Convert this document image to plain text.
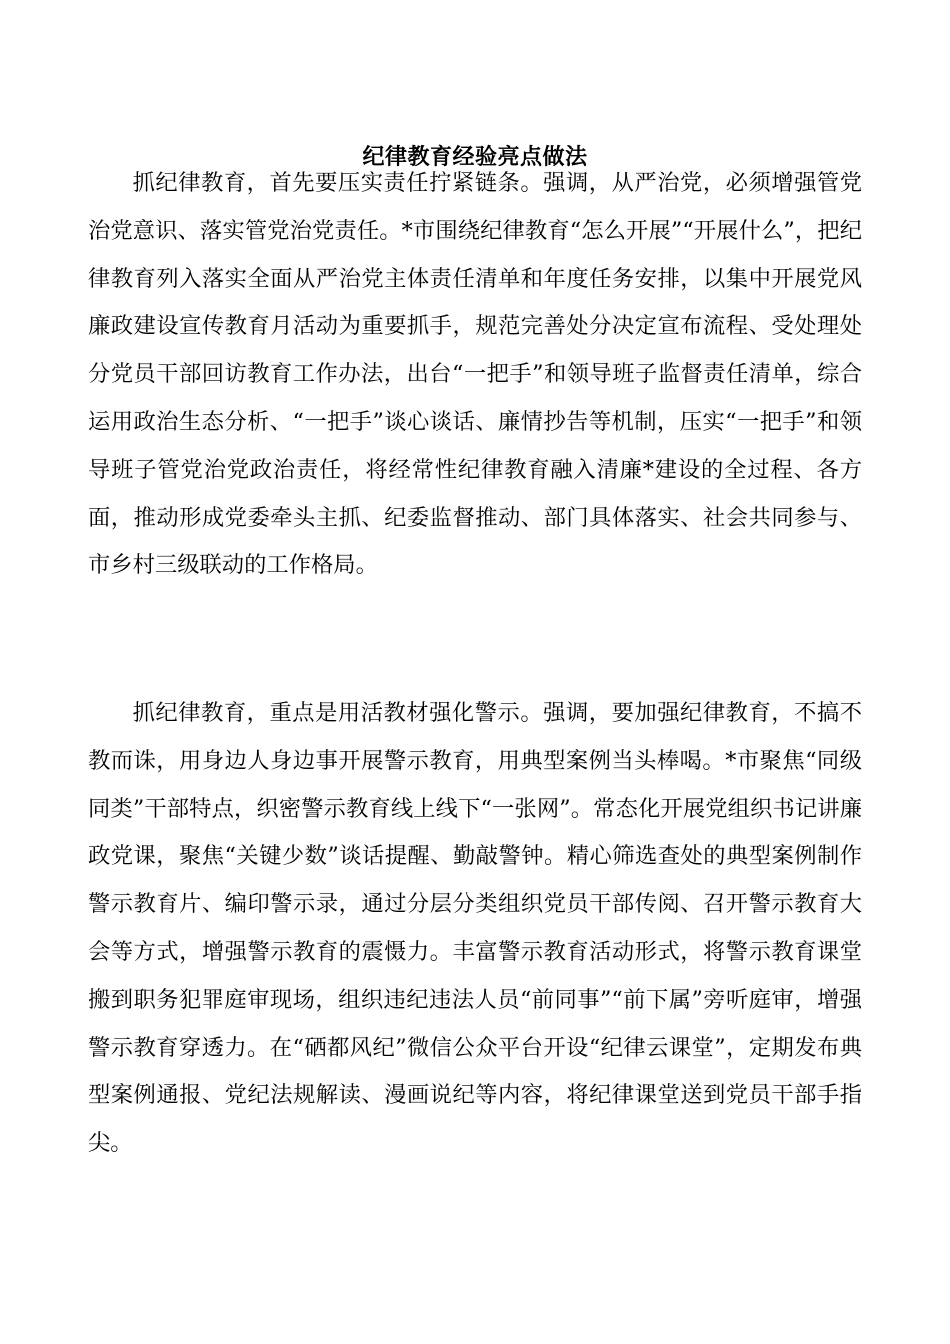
纪律教育经验亮点做法

抓纪律教育，首先要压实责任拧紧链条。强调，从严治党，必须增强管党治党意识、落实管党治党责任。*市围绕纪律教育“怎么开展”“开展什么”，把纪律教育列入落实全面从严治党主体责任清单和年度任务安排，以集中开展党风廉政建设宣传教育月活动为重要抓手，规范完善处分决定宣布流程、受处理处分党员干部回访教育工作办法，出台“一把手”和领导班子监督责任清单，综合运用政治生态分析、“一把手”谈心谈话、廉情抄告等机制，压实“一把手”和领导班子管党治党政治责任，将经常性纪律教育融入清廉*建设的全过程、各方面，推动形成党委牵头主抓、纪委监督推动、部门具体落实、社会共同参与、市乡村三级联动的工作格局。

抓纪律教育，重点是用活教材强化警示。强调，要加强纪律教育，不搞不教而诛，用身边人身边事开展警示教育，用典型案例当头棒喝。*市聚焦“同级同类”干部特点，织密警示教育线上线下“一张网”。常态化开展党组织书记讲廉政党课，聚焦“关键少数”谈话提醒、勤敲警钟。精心筛选查处的典型案例制作警示教育片、编印警示录，通过分层分类组织党员干部传阅、召开警示教育大会等方式，增强警示教育的震慑力。丰富警示教育活动形式，将警示教育课堂搬到职务犯罪庭审现场，组织违纪违法人员“前同事”“前下属”旁听庭审，增强警示教育穿透力。在“硒都风纪”微信公众平台开设“纪律云课堂”，定期发布典型案例通报、党纪法规解读、漫画说纪等内容，将纪律课堂送到党员干部手指尖。
